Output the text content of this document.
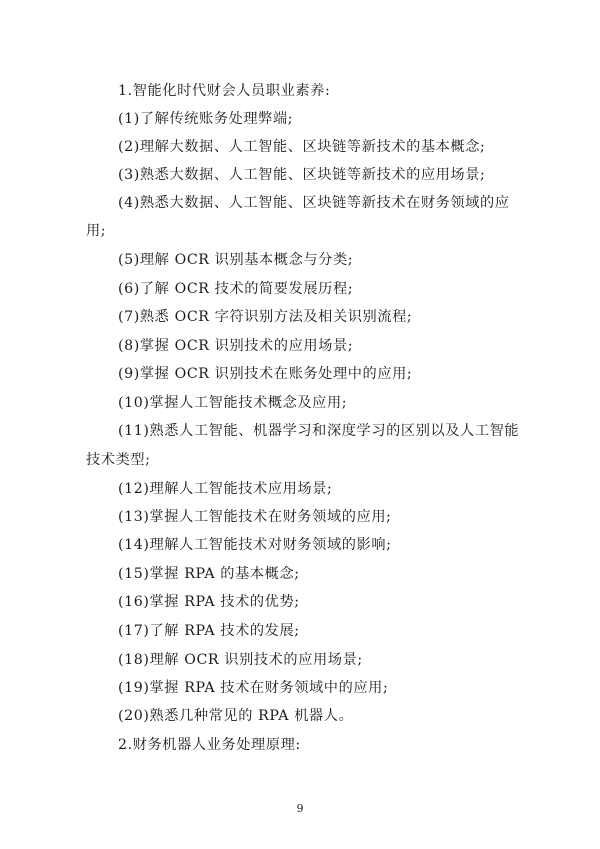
1.智能化时代财会人员职业素养:
(1)了解传统账务处理弊端;
(2)理解大数据、人工智能、区块链等新技术的基本概念;
(3)熟悉大数据、人工智能、区块链等新技术的应用场景;
(4)熟悉大数据、人工智能、区块链等新技术在财务领域的应
用;
(5)理解 OCR 识别基本概念与分类;
(6)了解 OCR 技术的简要发展历程;
(7)熟悉 OCR 字符识别方法及相关识别流程;
(8)掌握 OCR 识别技术的应用场景;
(9)掌握 OCR 识别技术在账务处理中的应用;
(10)掌握人工智能技术概念及应用;
(11)熟悉人工智能、机器学习和深度学习的区别以及人工智能
技术类型;
(12)理解人工智能技术应用场景;
(13)掌握人工智能技术在财务领域的应用;
(14)理解人工智能技术对财务领域的影响;
(15)掌握 RPA 的基本概念;
(16)掌握 RPA 技术的优势;
(17)了解 RPA 技术的发展;
(18)理解 OCR 识别技术的应用场景;
(19)掌握 RPA 技术在财务领域中的应用;
(20)熟悉几种常见的 RPA 机器人。
2.财务机器人业务处理原理:
9
